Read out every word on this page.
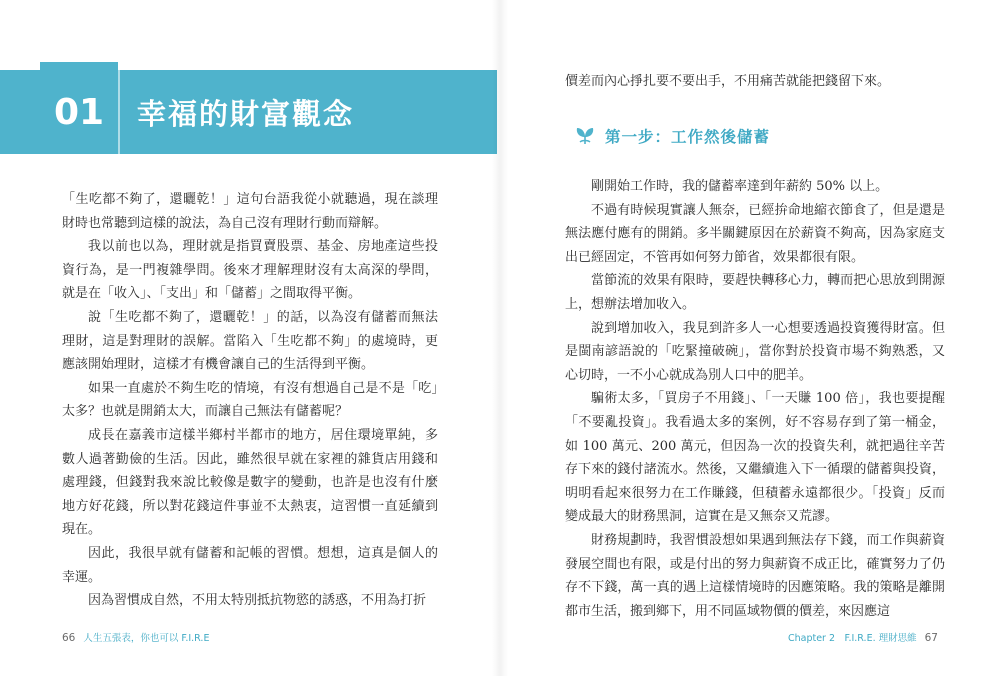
01	幸福的財富觀念

「生吃都不夠了，還曬乾！」這句台語我從小就聽過，現在談理財時也常聽到這樣的說法，為自己沒有理財行動而辯解。

我以前也以為，理財就是指買賣股票、基金、房地產這些投資行為，是一門複雜學問。後來才理解理財沒有太高深的學問，就是在「收入」、「支出」和「儲蓄」之間取得平衡。

說「生吃都不夠了，還曬乾！」的話，以為沒有儲蓄而無法理財，這是對理財的誤解。當陷入「生吃都不夠」的處境時，更應該開始理財，這樣才有機會讓自己的生活得到平衡。

如果一直處於不夠生吃的情境，有沒有想過自己是不是「吃」太多？也就是開銷太大，而讓自己無法有儲蓄呢？

成長在嘉義市這樣半鄉村半都市的地方，居住環境單純，多數人過著勤儉的生活。因此，雖然很早就在家裡的雜貨店用錢和處理錢，但錢對我來說比較像是數字的變動，也許是也沒有什麼地方好花錢，所以對花錢這件事並不太熱衷，這習慣一直延續到現在。

因此，我很早就有儲蓄和記帳的習慣。想想，這真是個人的幸運。

因為習慣成自然，不用太特別抵抗物慾的誘惑，不用為打折

66 人生五張表，你也可以 F.I.R.E

價差而內心掙扎要不要出手，不用痛苦就能把錢留下來。

第一步：工作然後儲蓄

剛開始工作時，我的儲蓄率達到年薪約 50% 以上。

不過有時候現實讓人無奈，已經拚命地縮衣節食了，但是還是無法應付應有的開銷。多半關鍵原因在於薪資不夠高，因為家庭支出已經固定，不管再如何努力節省，效果都很有限。

當節流的效果有限時，要趕快轉移心力，轉而把心思放到開源上，想辦法增加收入。

說到增加收入，我見到許多人一心想要透過投資獲得財富。但是閩南諺語說的「吃緊撞破碗」，當你對於投資市場不夠熟悉，又心切時，一不小心就成為別人口中的肥羊。

騙術太多，「買房子不用錢」、「一天賺 100 倍」，我也要提醒「不要亂投資」。我看過太多的案例，好不容易存到了第一桶金，如 100 萬元、200 萬元，但因為一次的投資失利，就把過往辛苦存下來的錢付諸流水。然後，又繼續進入下一循環的儲蓄與投資，明明看起來很努力在工作賺錢，但積蓄永遠都很少。「投資」反而變成最大的財務黑洞，這實在是又無奈又荒謬。

財務規劃時，我習慣設想如果遇到無法存下錢，而工作與薪資發展空間也有限，或是付出的努力與薪資不成正比，確實努力了仍存不下錢，萬一真的遇上這樣情境時的因應策略。我的策略是離開都市生活，搬到鄉下，用不同區域物價的價差，來因應這

Chapter 2　F.I.R.E. 理財思維 67
